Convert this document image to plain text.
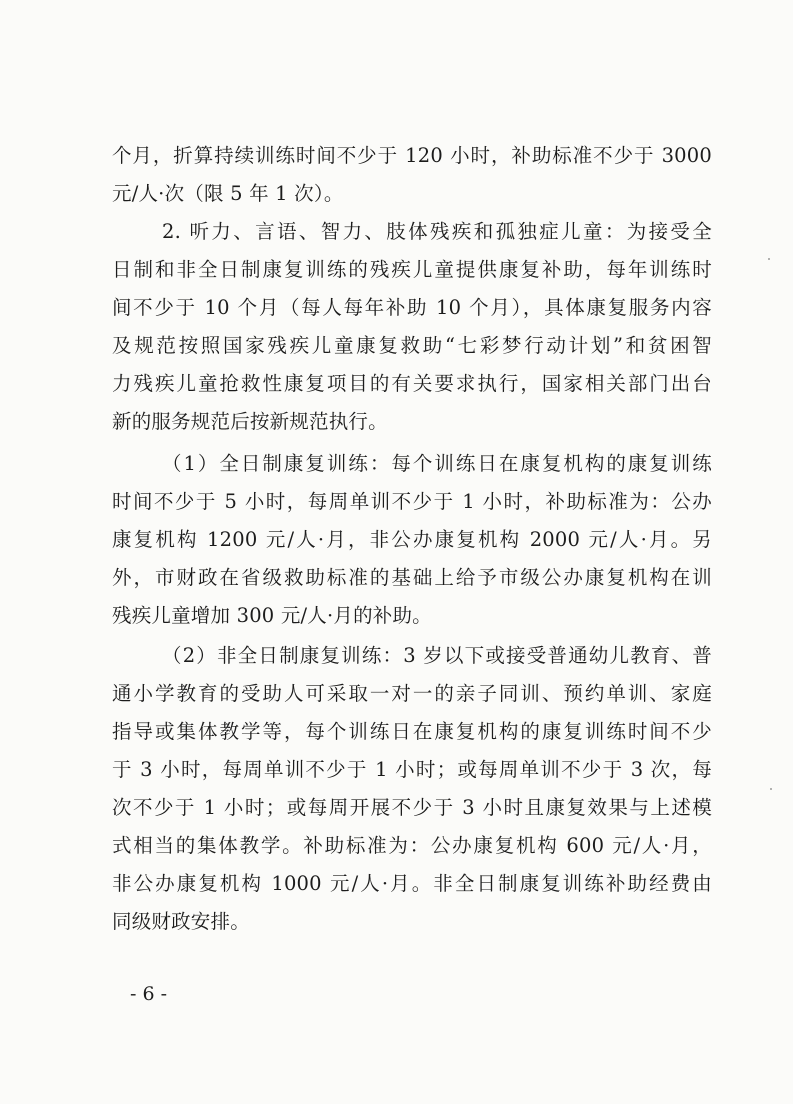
个月，折算持续训练时间不少于 120 小时，补助标准不少于 3000
元/人·次（限 5 年 1 次）。
2. 听力、言语、智力、肢体残疾和孤独症儿童：为接受全
日制和非全日制康复训练的残疾儿童提供康复补助，每年训练时
间不少于 10 个月（每人每年补助 10 个月），具体康复服务内容
及规范按照国家残疾儿童康复救助“七彩梦行动计划”和贫困智
力残疾儿童抢救性康复项目的有关要求执行，国家相关部门出台
新的服务规范后按新规范执行。
（1）全日制康复训练：每个训练日在康复机构的康复训练
时间不少于 5 小时，每周单训不少于 1 小时，补助标准为：公办
康复机构 1200 元/人·月，非公办康复机构 2000 元/人·月。另
外，市财政在省级救助标准的基础上给予市级公办康复机构在训
残疾儿童增加 300 元/人·月的补助。
（2）非全日制康复训练：3 岁以下或接受普通幼儿教育、普
通小学教育的受助人可采取一对一的亲子同训、预约单训、家庭
指导或集体教学等，每个训练日在康复机构的康复训练时间不少
于 3 小时，每周单训不少于 1 小时；或每周单训不少于 3 次，每
次不少于 1 小时；或每周开展不少于 3 小时且康复效果与上述模
式相当的集体教学。补助标准为：公办康复机构 600 元/人·月，
非公办康复机构 1000 元/人·月。非全日制康复训练补助经费由
同级财政安排。
- 6 -
